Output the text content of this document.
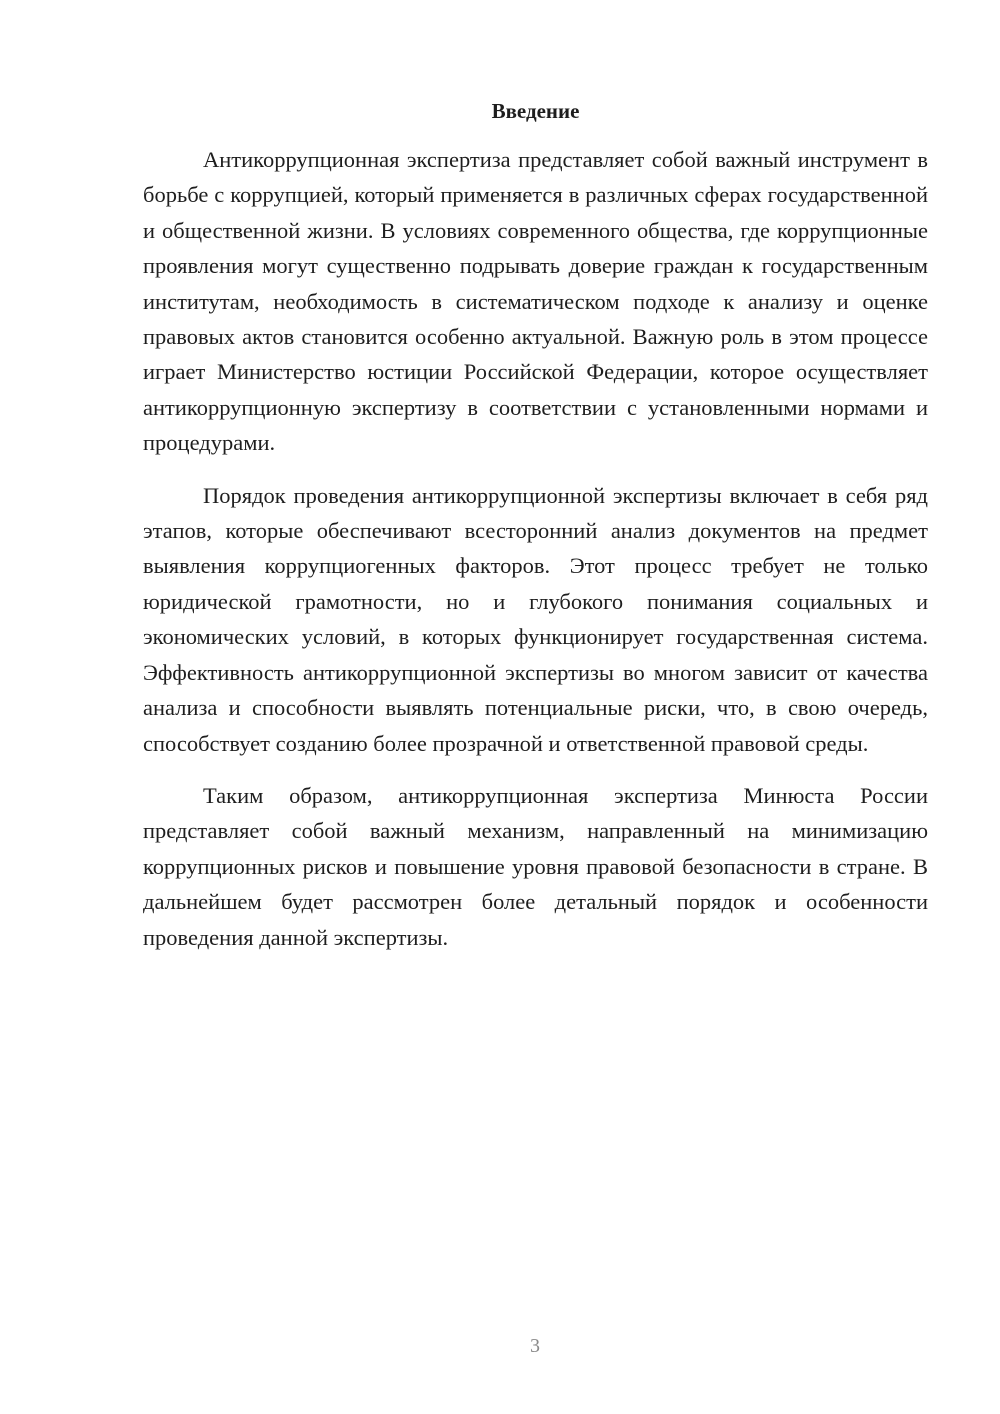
Введение

Антикоррупционная экспертиза представляет собой важный инструмент в борьбе с коррупцией, который применяется в различных сферах государственной и общественной жизни. В условиях современного общества, где коррупционные проявления могут существенно подрывать доверие граждан к государственным институтам, необходимость в систематическом подходе к анализу и оценке правовых актов становится особенно актуальной. Важную роль в этом процессе играет Министерство юстиции Российской Федерации, которое осуществляет антикоррупционную экспертизу в соответствии с установленными нормами и процедурами.

Порядок проведения антикоррупционной экспертизы включает в себя ряд этапов, которые обеспечивают всесторонний анализ документов на предмет выявления коррупциогенных факторов. Этот процесс требует не только юридической грамотности, но и глубокого понимания социальных и экономических условий, в которых функционирует государственная система. Эффективность антикоррупционной экспертизы во многом зависит от качества анализа и способности выявлять потенциальные риски, что, в свою очередь, способствует созданию более прозрачной и ответственной правовой среды.

Таким образом, антикоррупционная экспертиза Минюста России представляет собой важный механизм, направленный на минимизацию коррупционных рисков и повышение уровня правовой безопасности в стране. В дальнейшем будет рассмотрен более детальный порядок и особенности проведения данной экспертизы.

3
